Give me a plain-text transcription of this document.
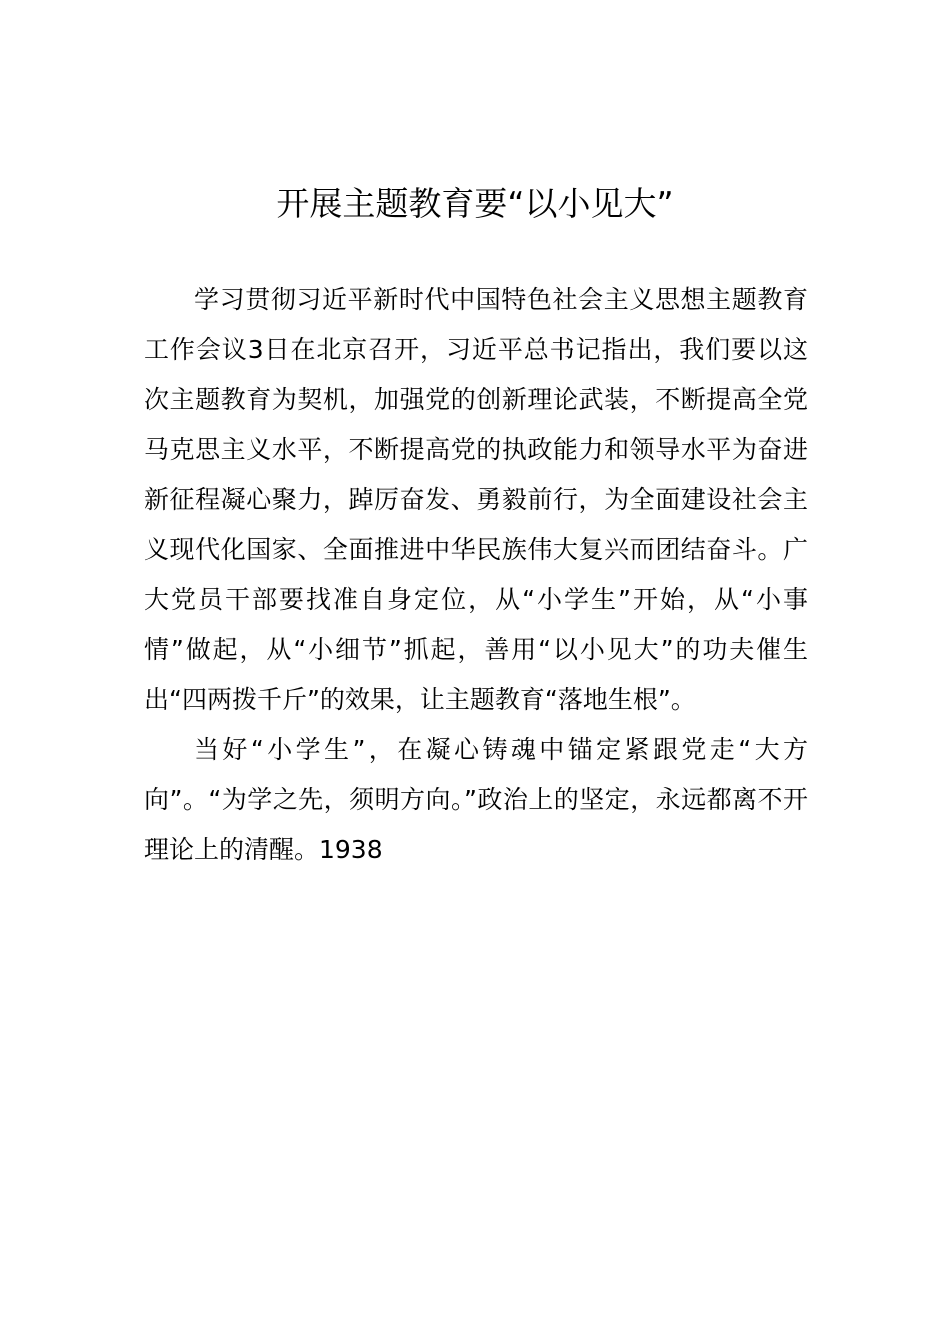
开展主题教育要“以小见大”

学习贯彻习近平新时代中国特色社会主义思想主题教育工作会议3日在北京召开，习近平总书记指出，我们要以这次主题教育为契机，加强党的创新理论武装，不断提高全党马克思主义水平，不断提高党的执政能力和领导水平为奋进新征程凝心聚力，踔厉奋发、勇毅前行，为全面建设社会主义现代化国家、全面推进中华民族伟大复兴而团结奋斗。广大党员干部要找准自身定位，从“小学生”开始，从“小事情”做起，从“小细节”抓起，善用“以小见大”的功夫催生出“四两拨千斤”的效果，让主题教育“落地生根”。

当好“小学生”，在凝心铸魂中锚定紧跟党走“大方向”。“为学之先，须明方向。”政治上的坚定，永远都离不开理论上的清醒。1938
